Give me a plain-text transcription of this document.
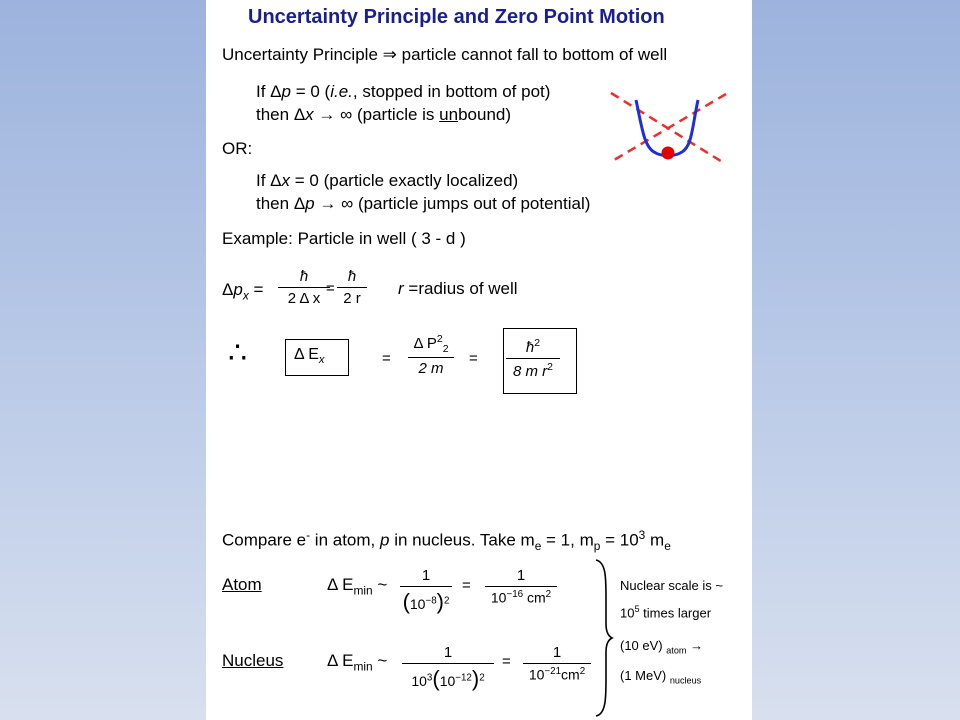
Uncertainty Principle and Zero Point Motion
Uncertainty Principle ⇒ particle cannot fall to bottom of well
If Δp = 0 (i.e., stopped in bottom of pot)
then Δx → ∞ (particle is unbound)
OR:
If Δx = 0 (particle exactly localized)
then Δp → ∞ (particle jumps out of potential)
Example: Particle in well ( 3 - d )
$\Delta p_x$ =
ħ
2 Δ x
=
ħ
2 r
r =radius of well
∴	Δ $E_x$	=
Δ $P^2_2$
2 m
=
$ħ^2$
8 m $r^2$
Compare e- in atom, p in nucleus. Take $m_e = 1$, $m_p = 10^3$ $m_e$
Atom	Δ $E_{min}$ ~	1
$(10^{-8})^2$
=
1
$10^{-16}$ $cm^2$
Nucleus	Δ $E_{min}$ ~	1
$10^3(10^{-12})^2$
=
1
$10^{-21}cm^2$
Nuclear scale is ~
$10^5$ times larger
(10 eV) $_{atom}$ →
(1 MeV) $_{nucleus}$
